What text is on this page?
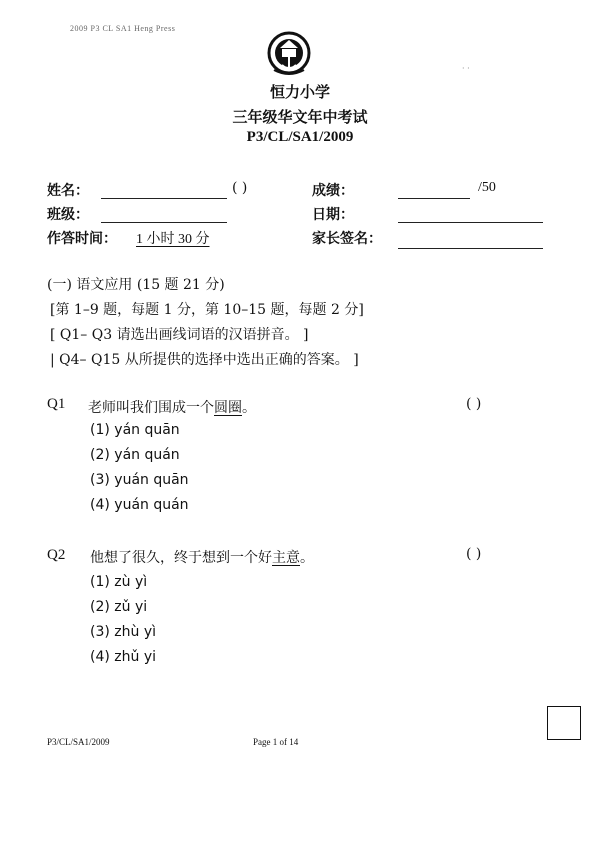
2009 P3 CL SA1 Heng Press
· ·
恒力小学
三年级华文年中考试
P3/CL/SA1/2009
姓名：	( )	成绩：	/50
班级：	日期：
作答时间： 1 小时 30 分	家长签名：
(一) 语文应用 (15 题 21 分)
[第 1–9 题，每题 1 分，第 10–15 题，每题 2 分]
[ Q1– Q3 请选出画线词语的汉语拼音。 ]
| Q4– Q15 从所提供的选择中选出正确的答案。 ]
Q1 老师叫我们围成一个圆圈。	( )
(1) yán quān
(2) yán quán
(3) yuán quān
(4) yuán quán
Q2 他想了很久，终于想到一个好主意。	( )
(1) zù yì
(2) zǔ yi
(3) zhù yì
(4) zhǔ yi
P3/CL/SA1/2009	Page 1 of 14
